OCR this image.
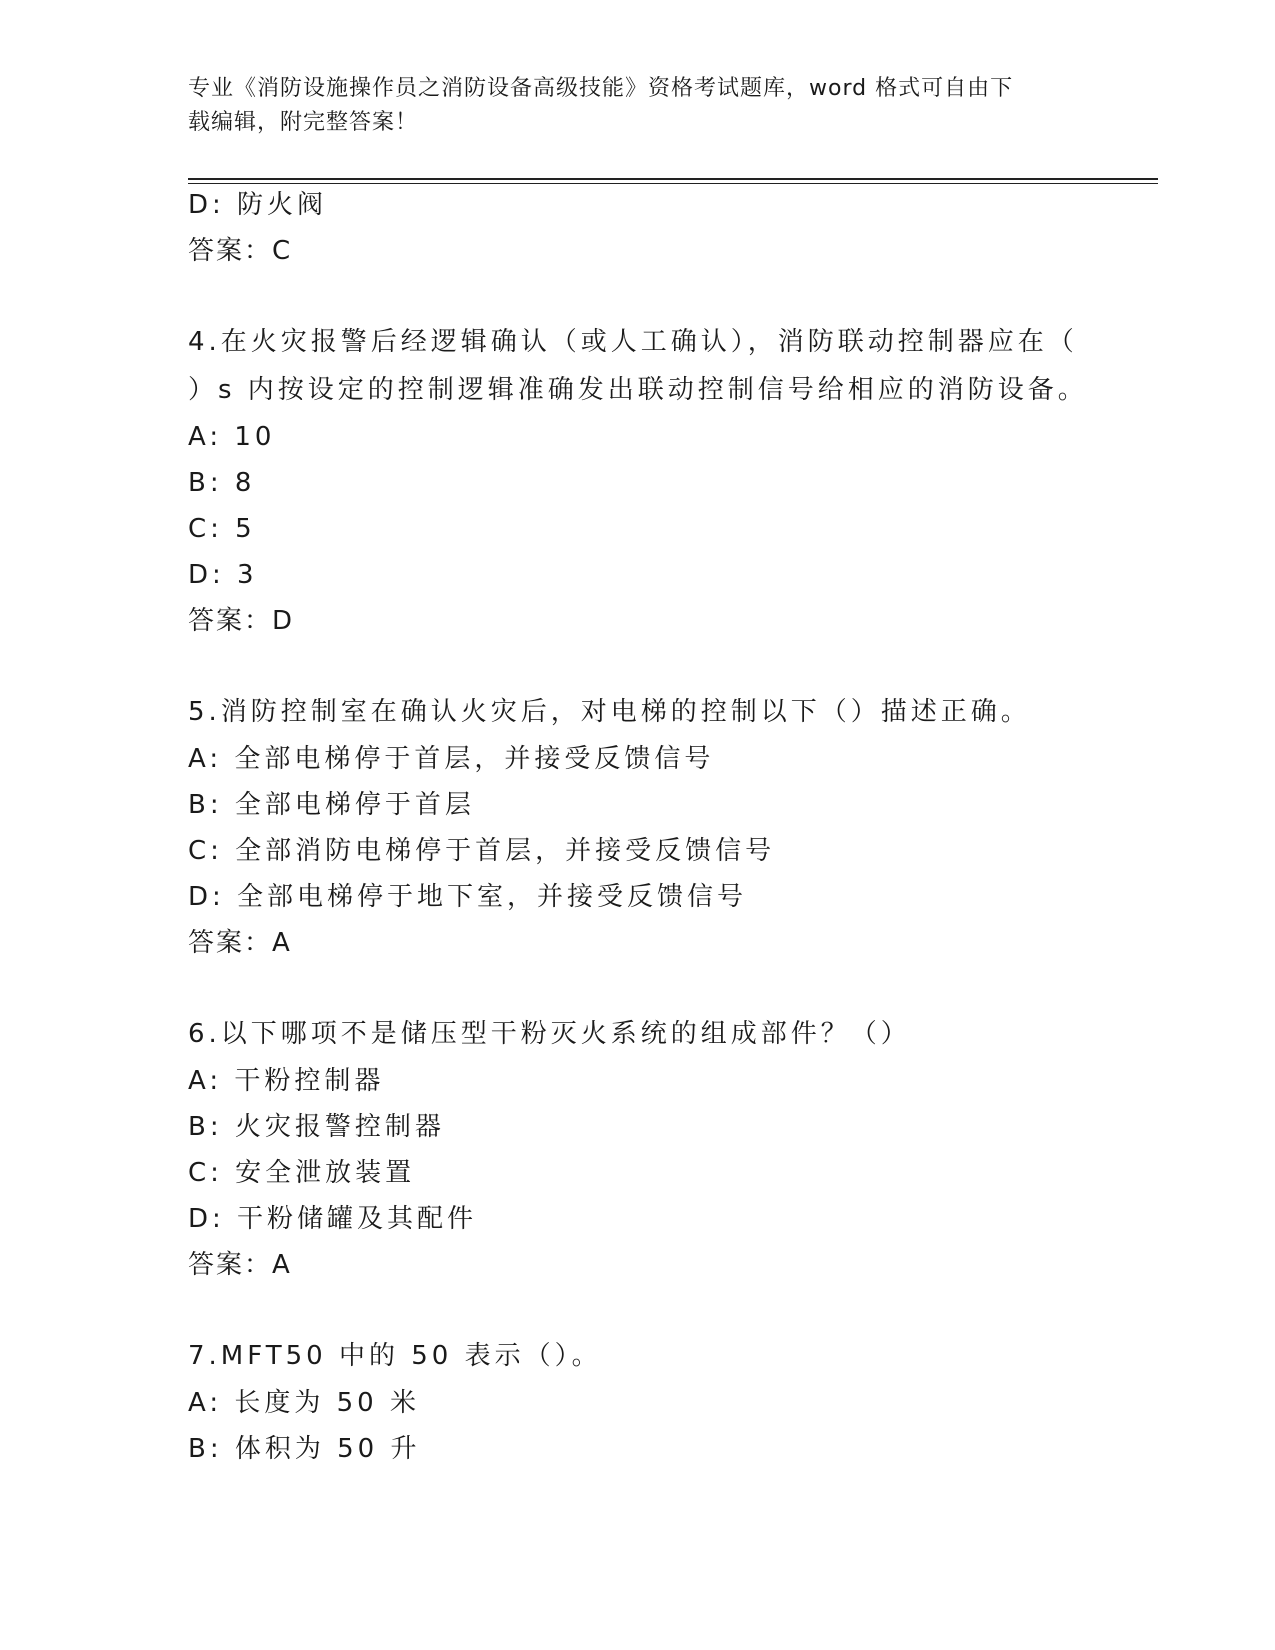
专业《消防设施操作员之消防设备高级技能》资格考试题库，word 格式可自由下
载编辑，附完整答案！
D: 防火阀
答案：C
4.在火灾报警后经逻辑确认（或人工确认），消防联动控制器应在（
）s 内按设定的控制逻辑准确发出联动控制信号给相应的消防设备。
A: 10
B: 8
C: 5
D: 3
答案：D
5.消防控制室在确认火灾后，对电梯的控制以下（）描述正确。
A: 全部电梯停于首层，并接受反馈信号
B: 全部电梯停于首层
C: 全部消防电梯停于首层，并接受反馈信号
D: 全部电梯停于地下室，并接受反馈信号
答案：A
6.以下哪项不是储压型干粉灭火系统的组成部件？（）
A: 干粉控制器
B: 火灾报警控制器
C: 安全泄放装置
D: 干粉储罐及其配件
答案：A
7.MFT50 中的 50 表示（）。
A: 长度为 50 米
B: 体积为 50 升
